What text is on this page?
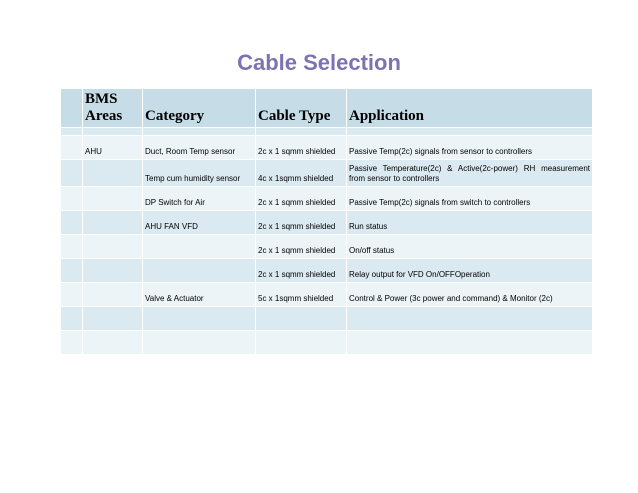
Cable Selection
	BMS Areas	Category	Cable Type	Application

	AHU	Duct, Room Temp sensor	2c x 1 sqmm shielded	Passive Temp(2c) signals from sensor to controllers
		Temp cum humidity sensor	4c x 1sqmm shielded	Passive Temperature(2c) & Active(2c-power) RH measurement from sensor to controllers
		DP Switch for Air	2c x 1 sqmm shielded	Passive Temp(2c) signals from switch to controllers
		AHU FAN VFD	2c x 1 sqmm shielded	Run status
			2c x 1 sqmm shielded	On/off status
			2c x 1 sqmm shielded	Relay output for VFD On/OFFOperation
		Valve & Actuator	5c x 1sqmm shielded	Control & Power (3c power and command) & Monitor (2c)
